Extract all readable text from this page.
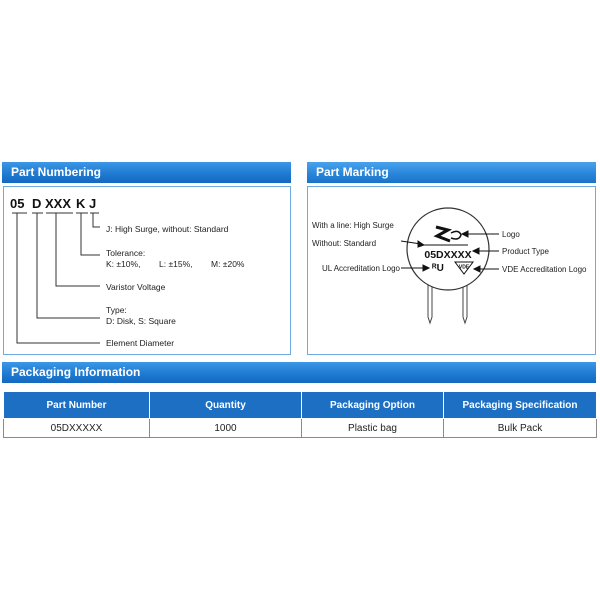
Part Numbering
05 D XXX K J
J: High Surge, without: Standard
Tolerance:
K: ±10%, L: ±15%, M: ±20%
Varistor Voltage
Type:
D: Disk, S: Square
Element Diameter
Part Marking
05DXXXX
ᴿU	VDE
With a line: High Surge
Without: Standard
UL Accreditation Logo
Logo
Product Type
VDE Accreditation Logo
Packaging Information
Part Number	Quantity	Packaging Option	Packaging Specification
05DXXXXX	1000	Plastic bag	Bulk Pack
